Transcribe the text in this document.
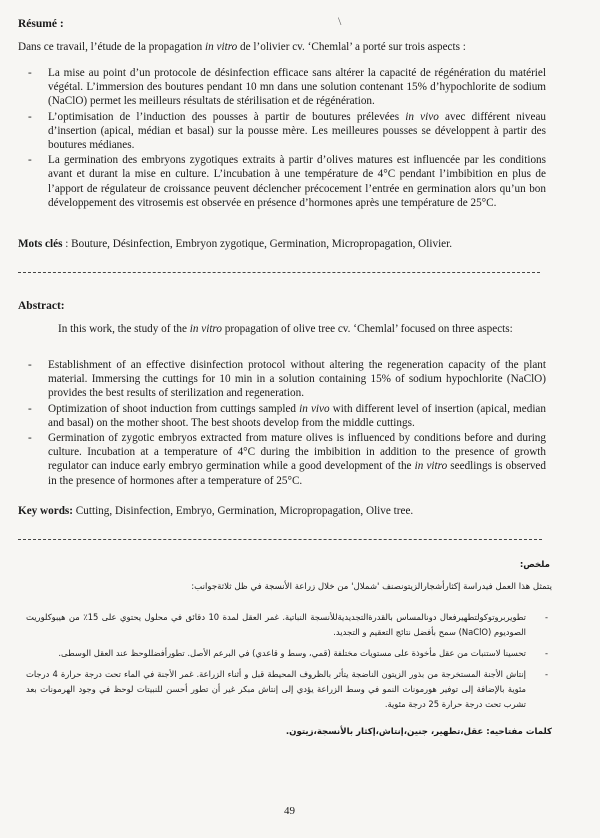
\
Résumé :
Dans ce travail, l’étude de la propagation in vitro de l’olivier cv. ‘Chemlal’ a porté sur trois aspects :
- La mise au point d’un protocole de désinfection efficace sans altérer la capacité de régénération du matériel végétal. L’immersion des boutures pendant 10 mn dans une solution contenant 15% d’hypochlorite de sodium (NaClO) permet les meilleurs résultats de stérilisation et de régénération.
- L’optimisation de l’induction des pousses à partir de boutures prélevées in vivo avec différent niveau d’insertion (apical, médian et basal) sur la pousse mère. Les meilleures pousses se développent à partir des boutures médianes.
- La germination des embryons zygotiques extraits à partir d’olives matures est influencée par les conditions avant et durant la mise en culture. L’incubation à une température de 4°C pendant l’imbibition en plus de l’apport de régulateur de croissance peuvent déclencher précocement l’entrée en germination alors qu’un bon développement des vitrosemis est observée en présence d’hormones après une température de 25°C.
Mots clés : Bouture, Désinfection, Embryon zygotique, Germination, Micropropagation, Olivier.
Abstract:
In this work, the study of the in vitro propagation of olive tree cv. ‘Chemlal’ focused on three aspects:
- Establishment of an effective disinfection protocol without altering the regeneration capacity of the plant material. Immersing the cuttings for 10 min in a solution containing 15% of sodium hypochlorite (NaClO) provides the best results of sterilization and regeneration.
- Optimization of shoot induction from cuttings sampled in vivo with different level of insertion (apical, median and basal) on the mother shoot. The best shoots develop from the middle cuttings.
- Germination of zygotic embryos extracted from mature olives is influenced by conditions before and during culture. Incubation at a temperature of 4°C during the imbibition in addition to the presence of growth regulator can induce early embryo germination while a good development of the in vitro seedlings is observed in the presence of hormones after a temperature of 25°C.
Key words: Cutting, Disinfection, Embryo, Germination, Micropropagation, Olive tree.
ملخص:
يتمثل هذا العمل فيدراسة إكثارأشجارالزيتونصنف 'شملال' من خلال زراعة الأنسجة في ظل ثلاثةجوانب:
-
تطويربروتوكولتطهيرفعال دونالمساس بالقدرةالتجديديةللأنسجة النباتية. غمر العقل لمدة 10 دقائق في محلول يحتوي على 15٪ من هيبوكلوريت الصوديوم (NaClO) سمح بأفضل نتائج التعقيم و التجديد.
-
تحسينا لاستنبات من عقل مأخوذة على مستويات مختلفة (قمي، وسط و قاعدي) في البرعم الأصل. تطورأفضللوحظ عند العقل الوسطى.
-
إنتاش الأجنة المستخرجة من بذور الزيتون الناضجة يتأثر بالظروف المحيطة قبل و أثناء الزراعة. غمر الأجنة في الماء تحت درجة حرارة 4 درجات مئوية بالإضافة إلى توفير هورمونات النمو في وسط الزراعة يؤدي إلى إنتاش مبكر غير أن تطور أحسن للنبيتات لوحظ في وجود الهرمونات بعد تشرب تحت درجة حرارة 25 درجة مئوية.
كلمات مفتاحيه: عقل،تطهير، جنين،إنتاش،إكثار بالأنسجة،زيتون.
49
